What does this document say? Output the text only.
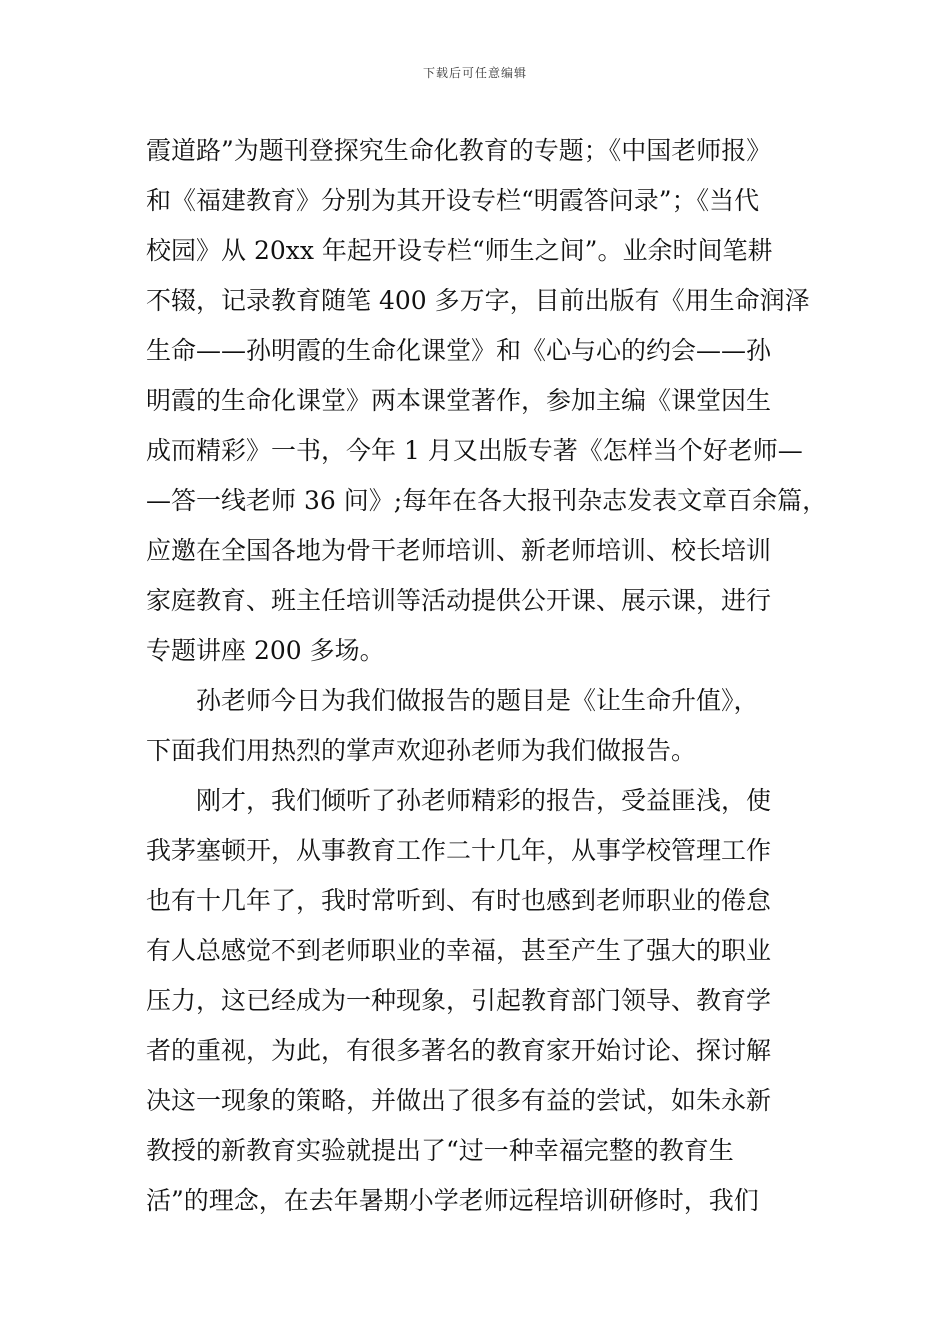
下载后可任意编辑
霞道路”为题刊登探究生命化教育的专题；《中国老师报》
和《福建教育》分别为其开设专栏“明霞答问录”；《当代
校园》从 20xx 年起开设专栏“师生之间”。业余时间笔耕
不辍，记录教育随笔 400 多万字，目前出版有《用生命润泽
生命——孙明霞的生命化课堂》和《心与心的约会——孙
明霞的生命化课堂》两本课堂著作，参加主编《课堂因生
成而精彩》一书，今年 1 月又出版专著《怎样当个好老师—
—答一线老师 36 问》;每年在各大报刊杂志发表文章百余篇，
应邀在全国各地为骨干老师培训、新老师培训、校长培训
家庭教育、班主任培训等活动提供公开课、展示课，进行
专题讲座 200 多场。
　　孙老师今日为我们做报告的题目是《让生命升值》，
下面我们用热烈的掌声欢迎孙老师为我们做报告。
　　刚才，我们倾听了孙老师精彩的报告，受益匪浅，使
我茅塞顿开，从事教育工作二十几年，从事学校管理工作
也有十几年了，我时常听到、有时也感到老师职业的倦怠
有人总感觉不到老师职业的幸福，甚至产生了强大的职业
压力，这已经成为一种现象，引起教育部门领导、教育学
者的重视，为此，有很多著名的教育家开始讨论、探讨解
决这一现象的策略，并做出了很多有益的尝试，如朱永新
教授的新教育实验就提出了“过一种幸福完整的教育生
活”的理念，在去年暑期小学老师远程培训研修时，我们
